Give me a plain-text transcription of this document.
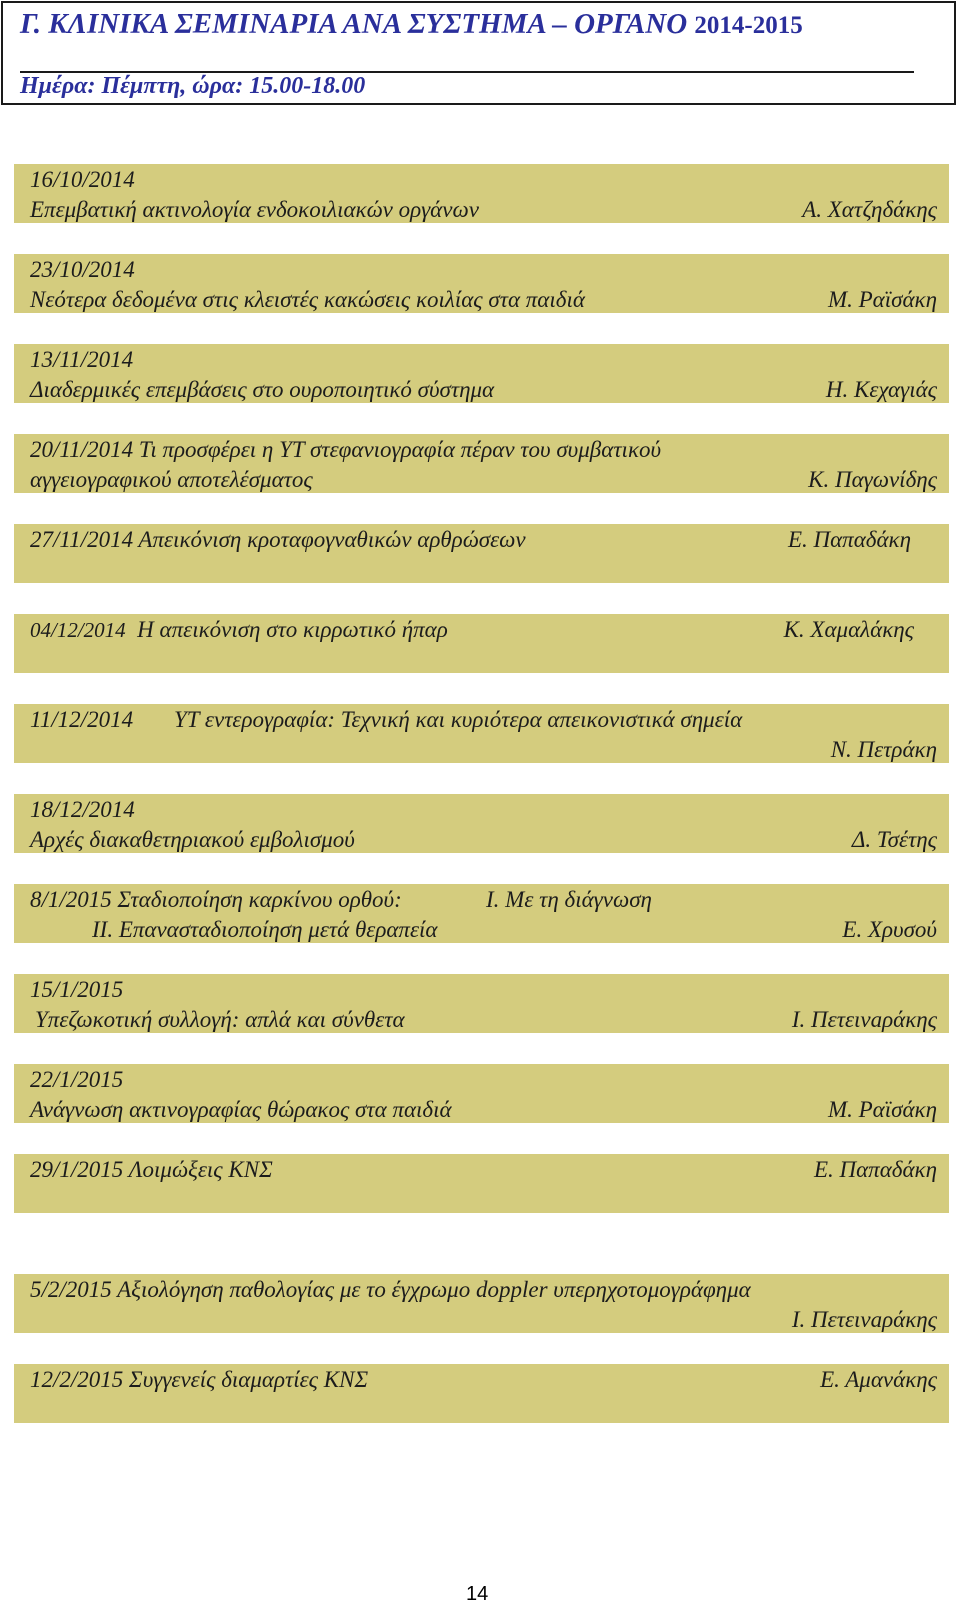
Γ. ΚΛΙΝΙΚΑ ΣΕΜΙΝΑΡΙΑ ΑΝΑ ΣΥΣΤΗΜΑ – ΟΡΓΑΝΟ 2014-2015
Ημέρα: Πέμπτη, ώρα: 15.00-18.00
16/10/2014
Επεμβατική ακτινολογία ενδοκοιλιακών οργάνων	Α. Χατζηδάκης
23/10/2014
Νεότερα δεδομένα στις κλειστές κακώσεις κοιλίας στα παιδιά	Μ. Ραϊσάκη
13/11/2014
Διαδερμικές επεμβάσεις στο ουροποιητικό σύστημα	Η. Κεχαγιάς
20/11/2014 Τι προσφέρει η ΥΤ στεφανιογραφία πέραν του συμβατικού
αγγειογραφικού αποτελέσματος	Κ. Παγωνίδης
27/11/2014 Απεικόνιση κροταφογναθικών αρθρώσεων	Ε. Παπαδάκη
04/12/2014 Η απεικόνιση στο κιρρωτικό ήπαρ	Κ. Χαμαλάκης
11/12/2014 ΥΤ εντερογραφία: Τεχνική και κυριότερα απεικονιστικά σημεία
Ν. Πετράκη
18/12/2014
Αρχές διακαθετηριακού εμβολισμού	Δ. Τσέτης
8/1/2015 Σταδιοποίηση καρκίνου ορθού:	Ι. Με τη διάγνωση
ΙΙ. Επανασταδιοποίηση μετά θεραπεία	Ε. Χρυσού
15/1/2015
Υπεζωκοτική συλλογή: απλά και σύνθετα	Ι. Πετεινaράκης
22/1/2015
Ανάγνωση ακτινογραφίας θώρακος στα παιδιά	Μ. Ραϊσάκη
29/1/2015 Λοιμώξεις ΚΝΣ	Ε. Παπαδάκη
5/2/2015 Αξιολόγηση παθολογίας με το έγχρωμο doppler υπερηχοτομογράφημα
Ι. Πετεινaράκης
12/2/2015 Συγγενείς διαμαρτίες ΚΝΣ	Ε. Αμανάκης
14
